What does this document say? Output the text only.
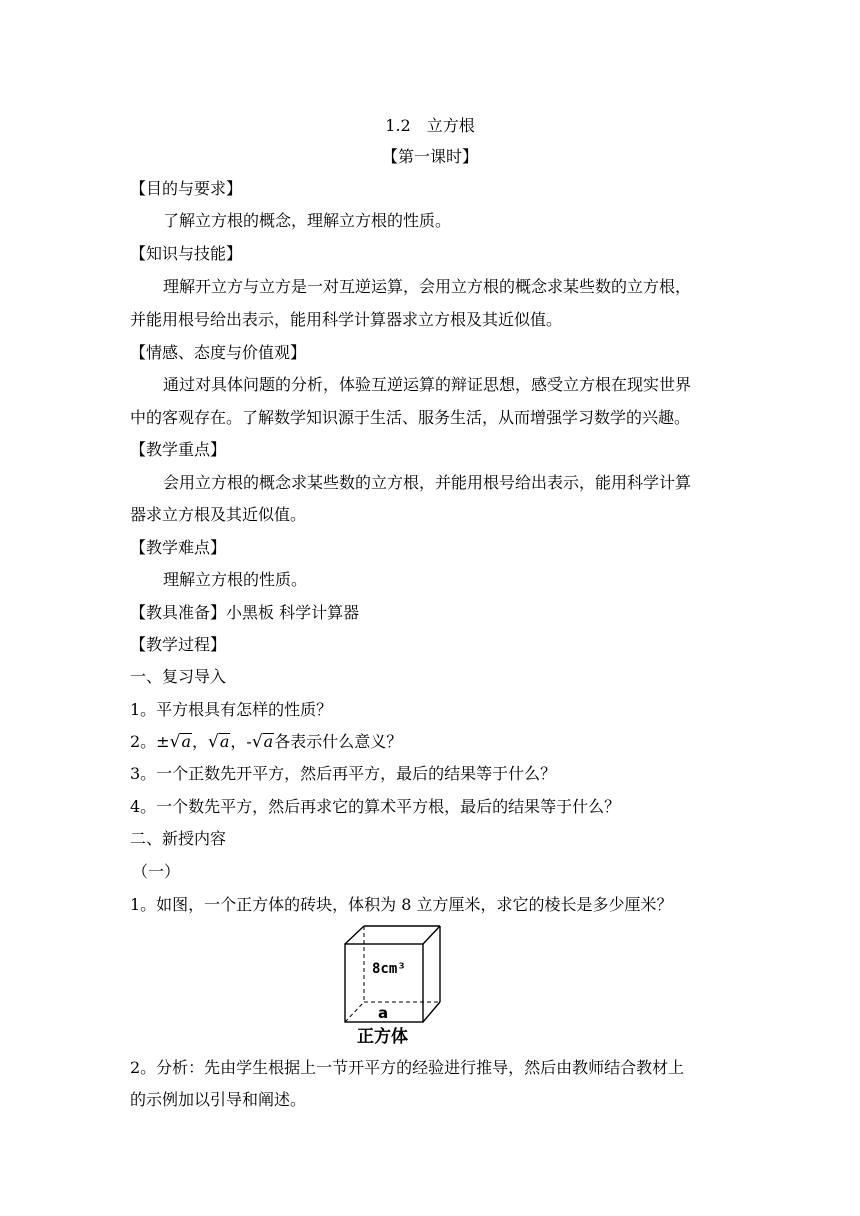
1.2　立方根
【第一课时】
【目的与要求】
了解立方根的概念，理解立方根的性质。
【知识与技能】
理解开立方与立方是一对互逆运算，会用立方根的概念求某些数的立方根，
并能用根号给出表示，能用科学计算器求立方根及其近似值。
【情感、态度与价值观】
通过对具体问题的分析，体验互逆运算的辩证思想，感受立方根在现实世界
中的客观存在。了解数学知识源于生活、服务生活，从而增强学习数学的兴趣。
【教学重点】
会用立方根的概念求某些数的立方根，并能用根号给出表示，能用科学计算
器求立方根及其近似值。
【教学难点】
理解立方根的性质。
【教具准备】小黑板 科学计算器
【教学过程】
一、复习导入
1。平方根具有怎样的性质？
2。±√a，√a，-√a各表示什么意义？
3。一个正数先开平方，然后再平方，最后的结果等于什么？
4。一个数先平方，然后再求它的算术平方根，最后的结果等于什么？
二、新授内容
（一）
1。如图，一个正方体的砖块，体积为 8 立方厘米，求它的棱长是多少厘米？
8cm³
a
正方体
2。分析：先由学生根据上一节开平方的经验进行推导，然后由教师结合教材上
的示例加以引导和阐述。
